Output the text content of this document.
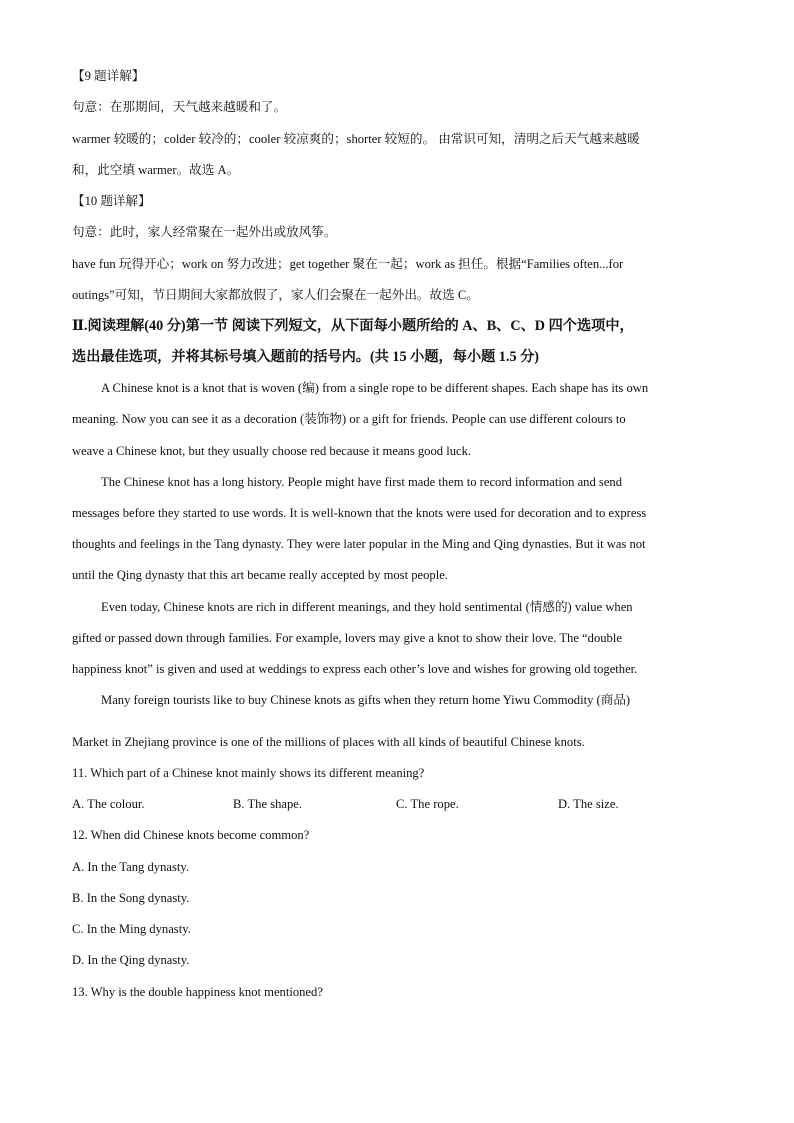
【9 题详解】
句意：在那期间，天气越来越暖和了。
warmer 较暖的；colder 较冷的；cooler 较凉爽的；shorter 较短的。 由常识可知，清明之后天气越来越暖
和，此空填 warmer。故选 A。
【10 题详解】
句意：此时，家人经常聚在一起外出或放风筝。
have fun 玩得开心；work on 努力改进；get together 聚在一起；work as 担任。根据“Families often...for
outings”可知，节日期间大家都放假了，家人们会聚在一起外出。故选 C。
Ⅱ.阅读理解(40 分)第一节 阅读下列短文，从下面每小题所给的 A、B、C、D 四个选项中，
选出最佳选项，并将其标号填入题前的括号内。(共 15 小题，每小题 1.5 分)
A Chinese knot is a knot that is woven (编) from a single rope to be different shapes. Each shape has its own
meaning. Now you can see it as a decoration (装饰物) or a gift for friends. People can use different colours to
weave a Chinese knot, but they usually choose red because it means good luck.
The Chinese knot has a long history. People might have first made them to record information and send
messages before they started to use words. It is well-known that the knots were used for decoration and to express
thoughts and feelings in the Tang dynasty. They were later popular in the Ming and Qing dynasties. But it was not
until the Qing dynasty that this art became really accepted by most people.
Even today, Chinese knots are rich in different meanings, and they hold sentimental (情感的) value when
gifted or passed down through families. For example, lovers may give a knot to show their love. The “double
happiness knot” is given and used at weddings to express each other’s love and wishes for growing old together.
Many foreign tourists like to buy Chinese knots as gifts when they return home Yiwu Commodity (商品)
Market in Zhejiang province is one of the millions of places with all kinds of beautiful Chinese knots.
11. Which part of a Chinese knot mainly shows its different meaning?
A. The colour.	B. The shape.	C. The rope.	D. The size.
12. When did Chinese knots become common?
A. In the Tang dynasty.
B. In the Song dynasty.
C. In the Ming dynasty.
D. In the Qing dynasty.
13. Why is the double happiness knot mentioned?
